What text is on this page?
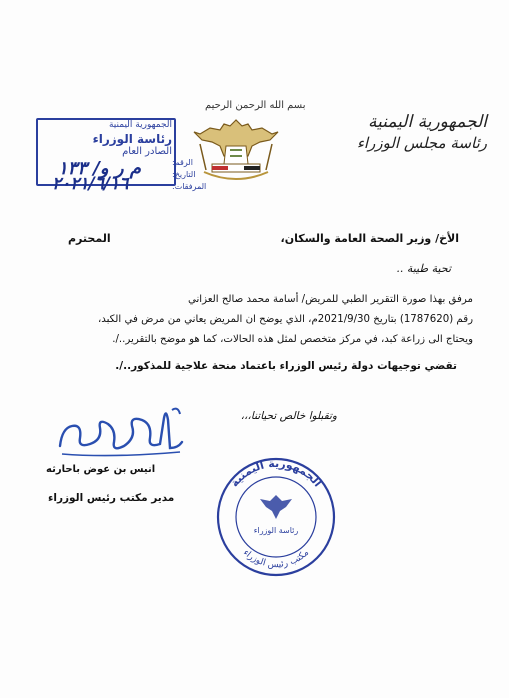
بسم الله الرحمن الرحيم
الجمهورية اليمنية
رئاسة مجلس الوزراء
الجمهورية اليمنية
رئاسة الوزراء
الصادر العام
م ر و/ ١٣٣
٢٠٢١/٦/١٦
الرقم:
التاريخ:
المرفقات:
الأخ/ وزير الصحة العامة والسكان،
المحترم
تحية طيبة ..

مرفق بهذا صورة التقرير الطبي للمريض/ أسامة محمد صالح العزاني

رقم (1787620) بتاريخ 2021/9/30م، الذي يوضح ان المريض يعاني من مرض في الكبد،

ويحتاج الى زراعة كبد، في مركز متخصص لمثل هذه الحالات، كما هو موضح بالتقرير../.

تقضي توجيهات دولة رئيس الوزراء باعتماد منحة علاجية للمذكور../.
وتقبلوا خالص تحياتنا،،،
انيس بن عوض باحارثه
مدير مكتب رئيس الوزراء
الجمهورية اليمنية
مكتب رئيس الوزراء
رئاسة الوزراء
